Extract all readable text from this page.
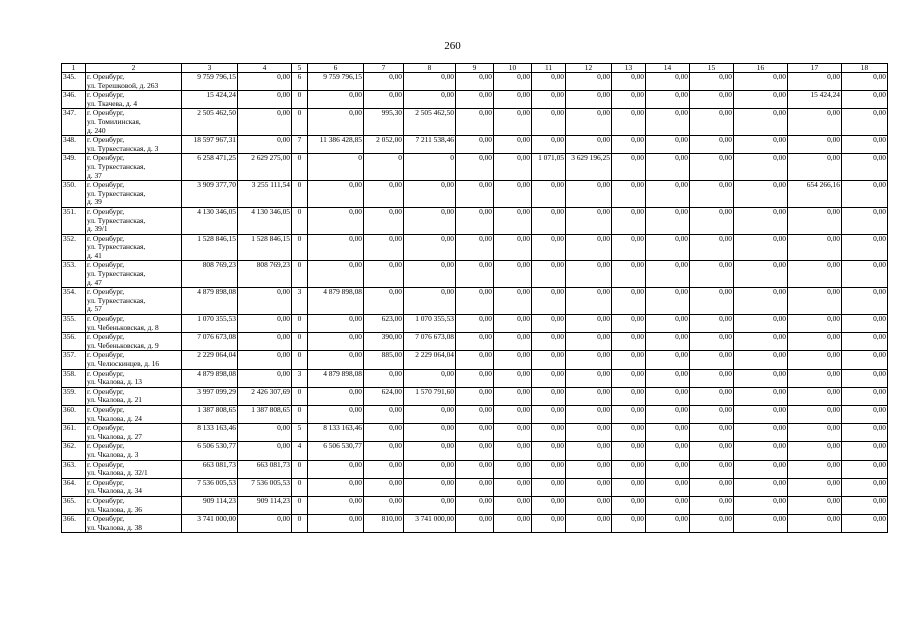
260
1	2	3	4	5	6	7	8	9	10	11	12	13	14	15	16	17	18
345.	г. Оренбург,
ул. Терешковой, д. 263	9 759 796,15	0,00	6	9 759 796,15	0,00	0,00	0,00	0,00	0,00	0,00	0,00	0,00	0,00	0,00	0,00	0,00
346.	г. Оренбург,
ул. Ткачева, д. 4	15 424,24	0,00	0	0,00	0,00	0,00	0,00	0,00	0,00	0,00	0,00	0,00	0,00	0,00	15 424,24	0,00
347.	г. Оренбург,
ул. Томилинская,
д. 240	2 505 462,50	0,00	0	0,00	995,30	2 505 462,50	0,00	0,00	0,00	0,00	0,00	0,00	0,00	0,00	0,00	0,00
348.	г. Оренбург,
ул. Туркестанская, д. 3	18 597 967,31	0,00	7	11 386 428,85	2 052,00	7 211 538,46	0,00	0,00	0,00	0,00	0,00	0,00	0,00	0,00	0,00	0,00
349.	г. Оренбург,
ул. Туркестанская,
д. 37	6 258 471,25	2 629 275,00	0	0	0	0	0,00	0,00	1 071,05	3 629 196,25	0,00	0,00	0,00	0,00	0,00	0,00
350.	г. Оренбург,
ул. Туркестанская,
д. 39	3 909 377,70	3 255 111,54	0	0,00	0,00	0,00	0,00	0,00	0,00	0,00	0,00	0,00	0,00	0,00	654 266,16	0,00
351.	г. Оренбург,
ул. Туркестанская,
д. 39/1	4 130 346,05	4 130 346,05	0	0,00	0,00	0,00	0,00	0,00	0,00	0,00	0,00	0,00	0,00	0,00	0,00	0,00
352.	г. Оренбург,
ул. Туркестанская,
д. 41	1 528 846,15	1 528 846,15	0	0,00	0,00	0,00	0,00	0,00	0,00	0,00	0,00	0,00	0,00	0,00	0,00	0,00
353.	г. Оренбург,
ул. Туркестанская,
д. 47	808 769,23	808 769,23	0	0,00	0,00	0,00	0,00	0,00	0,00	0,00	0,00	0,00	0,00	0,00	0,00	0,00
354.	г. Оренбург,
ул. Туркестанская,
д. 57	4 879 898,08	0,00	3	4 879 898,08	0,00	0,00	0,00	0,00	0,00	0,00	0,00	0,00	0,00	0,00	0,00	0,00
355.	г. Оренбург,
ул. Чебеньковская, д. 8	1 070 355,53	0,00	0	0,00	623,00	1 070 355,53	0,00	0,00	0,00	0,00	0,00	0,00	0,00	0,00	0,00	0,00
356.	г. Оренбург,
ул. Чебеньковская, д. 9	7 076 673,08	0,00	0	0,00	390,00	7 076 673,08	0,00	0,00	0,00	0,00	0,00	0,00	0,00	0,00	0,00	0,00
357.	г. Оренбург,
ул. Челюскинцев, д. 16	2 229 064,04	0,00	0	0,00	885,00	2 229 064,04	0,00	0,00	0,00	0,00	0,00	0,00	0,00	0,00	0,00	0,00
358.	г. Оренбург,
ул. Чкалова, д. 13	4 879 898,08	0,00	3	4 879 898,08	0,00	0,00	0,00	0,00	0,00	0,00	0,00	0,00	0,00	0,00	0,00	0,00
359.	г. Оренбург,
ул. Чкалова, д. 21	3 997 099,29	2 426 307,69	0	0,00	624,00	1 570 791,60	0,00	0,00	0,00	0,00	0,00	0,00	0,00	0,00	0,00	0,00
360.	г. Оренбург,
ул. Чкалова, д. 24	1 387 808,65	1 387 808,65	0	0,00	0,00	0,00	0,00	0,00	0,00	0,00	0,00	0,00	0,00	0,00	0,00	0,00
361.	г. Оренбург,
ул. Чкалова, д. 27	8 133 163,46	0,00	5	8 133 163,46	0,00	0,00	0,00	0,00	0,00	0,00	0,00	0,00	0,00	0,00	0,00	0,00
362.	г. Оренбург,
ул. Чкалова, д. 3	6 506 530,77	0,00	4	6 506 530,77	0,00	0,00	0,00	0,00	0,00	0,00	0,00	0,00	0,00	0,00	0,00	0,00
363.	г. Оренбург,
ул. Чкалова, д. 32/1	663 081,73	663 081,73	0	0,00	0,00	0,00	0,00	0,00	0,00	0,00	0,00	0,00	0,00	0,00	0,00	0,00
364.	г. Оренбург,
ул. Чкалова, д. 34	7 536 005,53	7 536 005,53	0	0,00	0,00	0,00	0,00	0,00	0,00	0,00	0,00	0,00	0,00	0,00	0,00	0,00
365.	г. Оренбург,
ул. Чкалова, д. 36	909 114,23	909 114,23	0	0,00	0,00	0,00	0,00	0,00	0,00	0,00	0,00	0,00	0,00	0,00	0,00	0,00
366.	г. Оренбург,
ул. Чкалова, д. 38	3 741 000,00	0,00	0	0,00	810,00	3 741 000,00	0,00	0,00	0,00	0,00	0,00	0,00	0,00	0,00	0,00	0,00
